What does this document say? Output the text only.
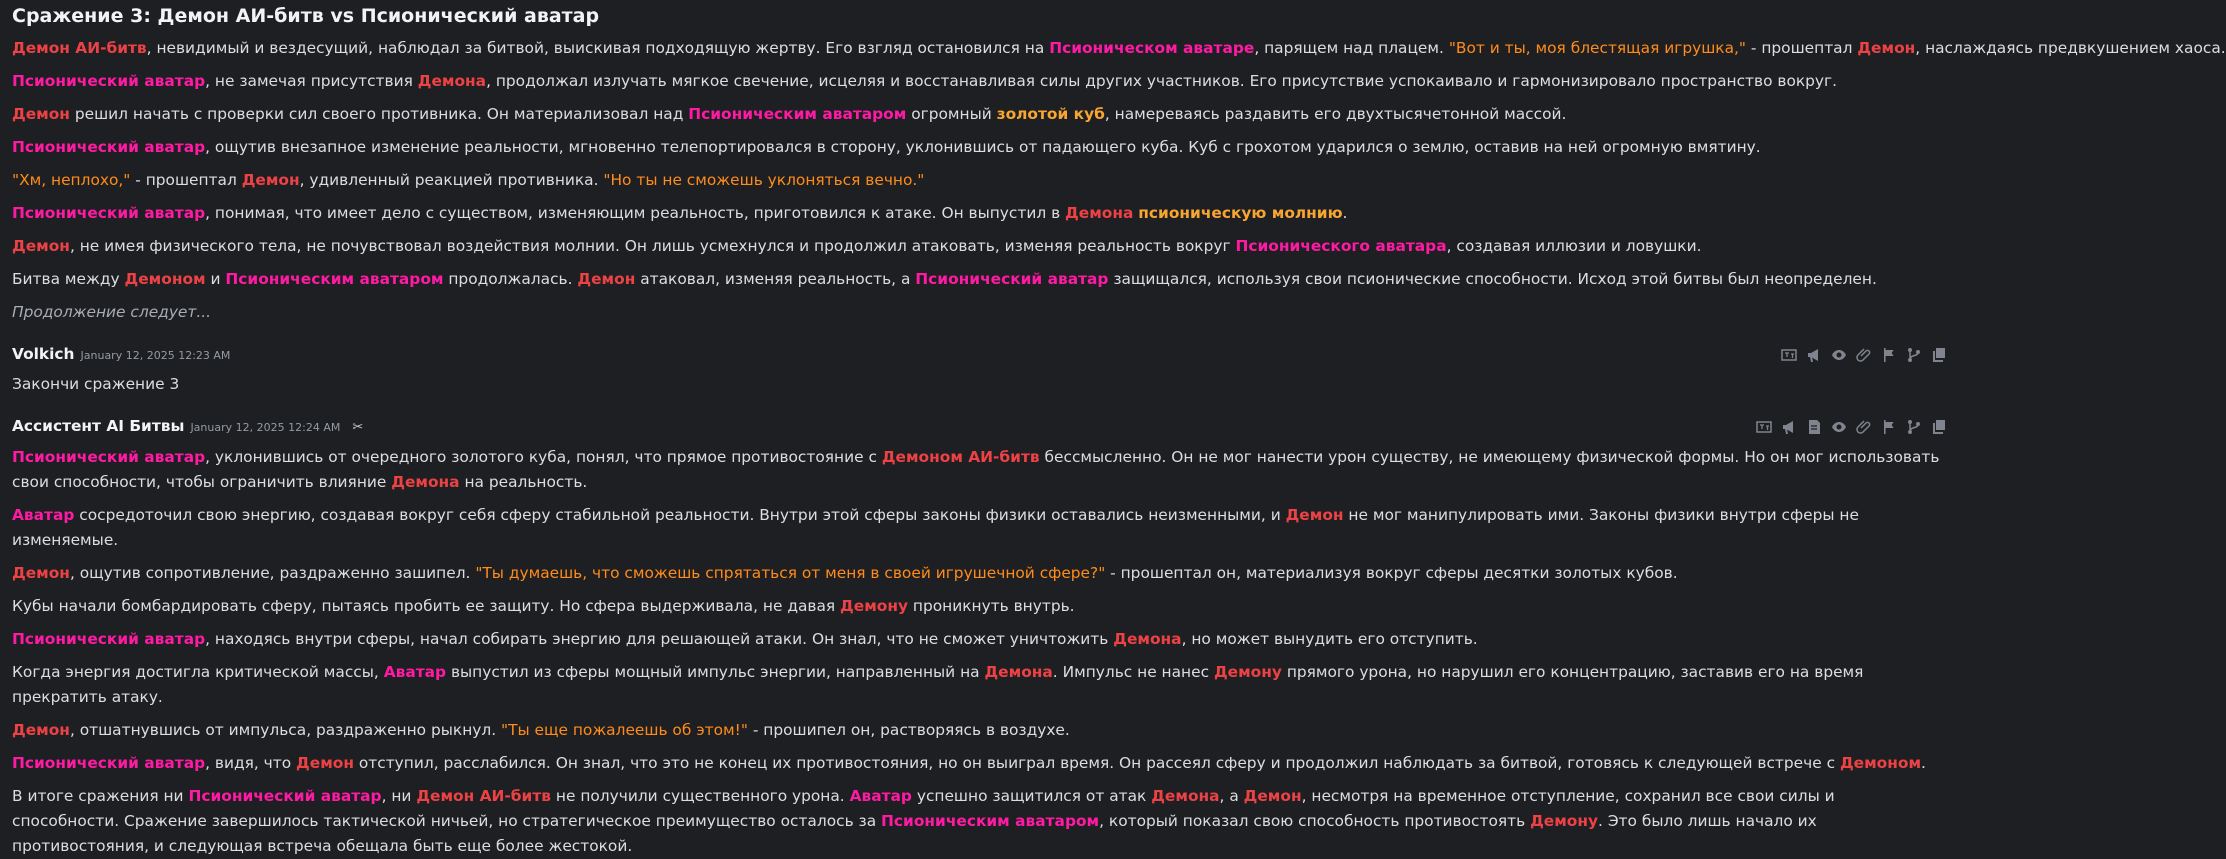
Сражение 3: Демон АИ-битв vs Псионический аватар
Демон АИ-битв, невидимый и вездесущий, наблюдал за битвой, выискивая подходящую жертву. Его взгляд остановился на Псионическом аватаре, парящем над плацем. "Вот и ты, моя блестящая игрушка," - прошептал Демон, наслаждаясь предвкушением хаоса.
Псионический аватар, не замечая присутствия Демона, продолжал излучать мягкое свечение, исцеляя и восстанавливая силы других участников. Его присутствие успокаивало и гармонизировало пространство вокруг.
Демон решил начать с проверки сил своего противника. Он материализовал над Псионическим аватаром огромный золотой куб, намереваясь раздавить его двухтысячетонной массой.
Псионический аватар, ощутив внезапное изменение реальности, мгновенно телепортировался в сторону, уклонившись от падающего куба. Куб с грохотом ударился о землю, оставив на ней огромную вмятину.
"Хм, неплохо," - прошептал Демон, удивленный реакцией противника. "Но ты не сможешь уклоняться вечно."
Псионический аватар, понимая, что имеет дело с существом, изменяющим реальность, приготовился к атаке. Он выпустил в Демона псионическую молнию.
Демон, не имея физического тела, не почувствовал воздействия молнии. Он лишь усмехнулся и продолжил атаковать, изменяя реальность вокруг Псионического аватара, создавая иллюзии и ловушки.
Битва между Демоном и Псионическим аватаром продолжалась. Демон атаковал, изменяя реальность, а Псионический аватар защищался, используя свои псионические способности. Исход этой битвы был неопределен.
Продолжение следует...
Volkich January 12, 2025 12:23 AM
Закончи сражение 3
Ассистент AI Битвы January 12, 2025 12:24 AM ✂
Псионический аватар, уклонившись от очередного золотого куба, понял, что прямое противостояние с Демоном АИ-битв бессмысленно. Он не мог нанести урон существу, не имеющему физической формы. Но он мог использовать свои способности, чтобы ограничить влияние Демона на реальность.
Аватар сосредоточил свою энергию, создавая вокруг себя сферу стабильной реальности. Внутри этой сферы законы физики оставались неизменными, и Демон не мог манипулировать ими. Законы физики внутри сферы не изменяемые.
Демон, ощутив сопротивление, раздраженно зашипел. "Ты думаешь, что сможешь спрятаться от меня в своей игрушечной сфере?" - прошептал он, материализуя вокруг сферы десятки золотых кубов.
Кубы начали бомбардировать сферу, пытаясь пробить ее защиту. Но сфера выдерживала, не давая Демону проникнуть внутрь.
Псионический аватар, находясь внутри сферы, начал собирать энергию для решающей атаки. Он знал, что не сможет уничтожить Демона, но может вынудить его отступить.
Когда энергия достигла критической массы, Аватар выпустил из сферы мощный импульс энергии, направленный на Демона. Импульс не нанес Демону прямого урона, но нарушил его концентрацию, заставив его на время прекратить атаку.
Демон, отшатнувшись от импульса, раздраженно рыкнул. "Ты еще пожалеешь об этом!" - прошипел он, растворяясь в воздухе.
Псионический аватар, видя, что Демон отступил, расслабился. Он знал, что это не конец их противостояния, но он выиграл время. Он рассеял сферу и продолжил наблюдать за битвой, готовясь к следующей встрече с Демоном.
В итоге сражения ни Псионический аватар, ни Демон АИ-битв не получили существенного урона. Аватар успешно защитился от атак Демона, а Демон, несмотря на временное отступление, сохранил все свои силы и способности. Сражение завершилось тактической ничьей, но стратегическое преимущество осталось за Псионическим аватаром, который показал свою способность противостоять Демону. Это было лишь начало их противостояния, и следующая встреча обещала быть еще более жестокой.
